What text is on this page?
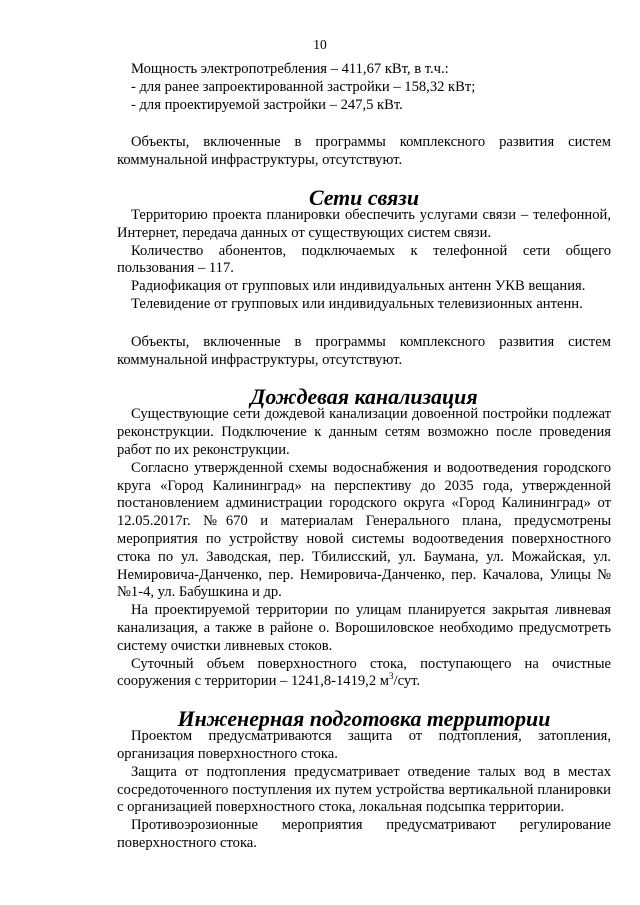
10

Мощность электропотребления – 411,67 кВт, в т.ч.:

- для ранее запроектированной застройки – 158,32 кВт;

- для проектируемой застройки – 247,5 кВт.

Объекты, включенные в программы комплексного развития систем коммунальной инфраструктуры, отсутствуют.

Сети связи

Территорию проекта планировки обеспечить услугами связи – телефонной, Интернет, передача данных от существующих систем связи.

Количество абонентов, подключаемых к телефонной сети общего пользования – 117.

Радиофикация от групповых или индивидуальных антенн УКВ вещания.

Телевидение от групповых или индивидуальных телевизионных антенн.

Объекты, включенные в программы комплексного развития систем коммунальной инфраструктуры, отсутствуют.

Дождевая канализация

Существующие сети дождевой канализации довоенной постройки подлежат реконструкции. Подключение к данным сетям возможно после проведения работ по их реконструкции.

Согласно утвержденной схемы водоснабжения и водоотведения городского круга «Город Калининград» на перспективу до 2035 года, утвержденной постановлением администрации городского округа «Город Калининград» от 12.05.2017г. №670 и материалам Генерального плана, предусмотрены мероприятия по устройству новой системы водоотведения поверхностного стока по ул. Заводская, пер. Тбилисский, ул. Баумана, ул. Можайская, ул. Немировича-Данченко, пер. Немировича-Данченко, пер. Качалова, Улицы №№1-4, ул. Бабушкина и др.

На проектируемой территории по улицам планируется закрытая ливневая канализация, а также в районе о. Ворошиловское необходимо предусмотреть систему очистки ливневых стоков.

Суточный объем поверхностного стока, поступающего на очистные сооружения с территории – 1241,8-1419,2 $м^3$/сут.

Инженерная подготовка территории

Проектом предусматриваются защита от подтопления, затопления, организация поверхностного стока.

Защита от подтопления предусматривает отведение талых вод в местах сосредоточенного поступления их путем устройства вертикальной планировки с организацией поверхностного стока, локальная подсыпка территории.

Противоэрозионные мероприятия предусматривают регулирование поверхностного стока.
